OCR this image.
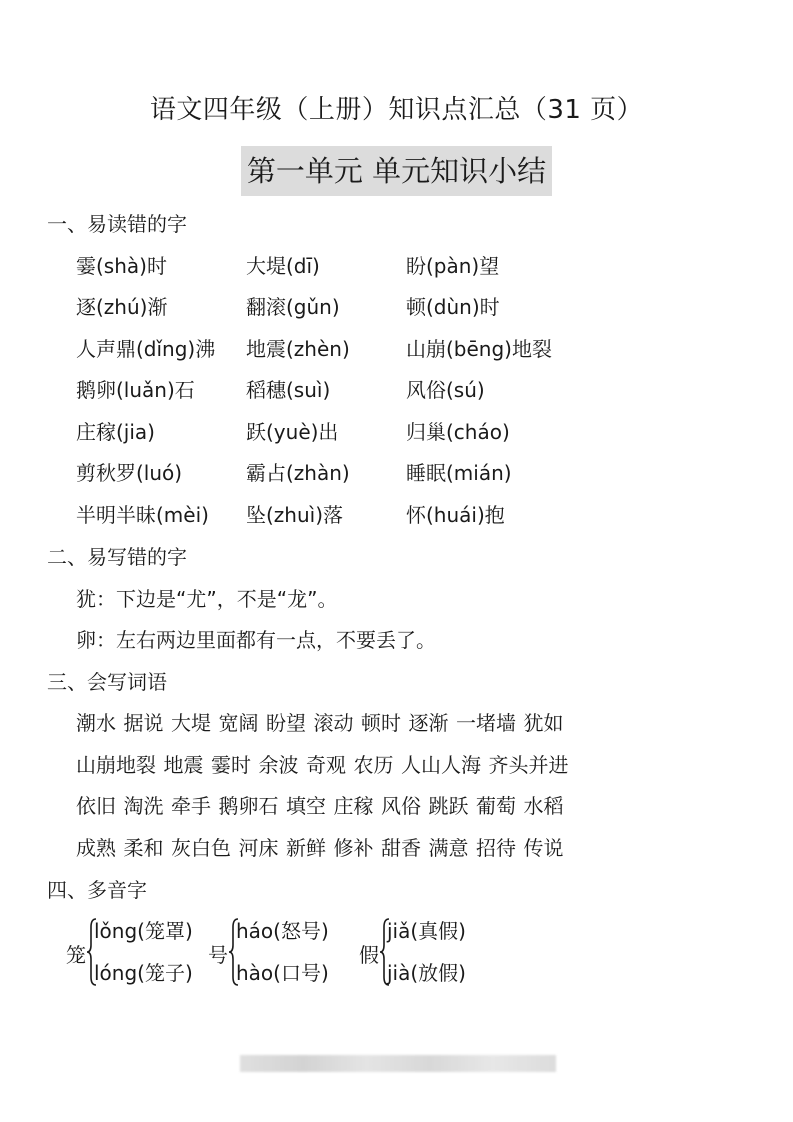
语文四年级（上册）知识点汇总（31 页）
第一单元 单元知识小结
一、易读错的字
霎(shà)时	大堤(dī)	盼(pàn)望
逐(zhú)渐	翻滚(gǔn)	顿(dùn)时
人声鼎(dǐng)沸 地震(zhèn)	山崩(bēng)地裂
鹅卵(luǎn)石	稻穗(suì)	风俗(sú)
庄稼(jia)	跃(yuè)出	归巢(cháo)
剪秋罗(luó)	霸占(zhàn)	睡眠(mián)
半明半昧(mèi) 坠(zhuì)落	怀(huái)抱
二、易写错的字
犹：下边是“尤”，不是“龙”。
卵：左右两边里面都有一点，不要丢了。
三、会写词语
潮水 据说 大堤 宽阔 盼望 滚动 顿时 逐渐 一堵墙 犹如
山崩地裂 地震 霎时 余波 奇观 农历 人山人海 齐头并进
依旧 淘洗 牵手 鹅卵石 填空 庄稼 风俗 跳跃 葡萄 水稻
成熟 柔和 灰白色 河床 新鲜 修补 甜香 满意 招待 传说
四、多音字
笼
lǒng(笼罩)
lóng(笼子)
号
háo(怒号)
hào(口号)
假
jiǎ(真假)
jià(放假)
